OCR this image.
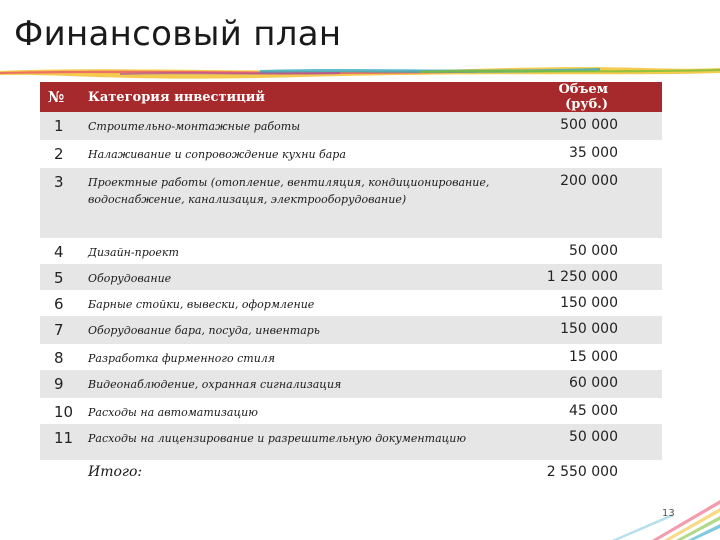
Финансовый план
№	Категория инвестиций	Объем (руб.)
1	Строительно-монтажные работы	500 000
2	Налаживание и сопровождение кухни бара	35 000
3	Проектные работы (отопление, вентиляция, кондиционирование, водоснабжение, канализация, электрооборудование)	200 000
4	Дизайн-проект	50 000
5	Оборудование	1 250 000
6	Барные стойки, вывески, оформление	150 000
7	Оборудование бара, посуда, инвентарь	150 000
8	Разработка фирменного стиля	15 000
9	Видеонаблюдение, охранная сигнализация	60 000
10	Расходы на автоматизацию	45 000
11	Расходы на лицензирование и разрешительную документацию	50 000
	Итого:	2 550 000
13
